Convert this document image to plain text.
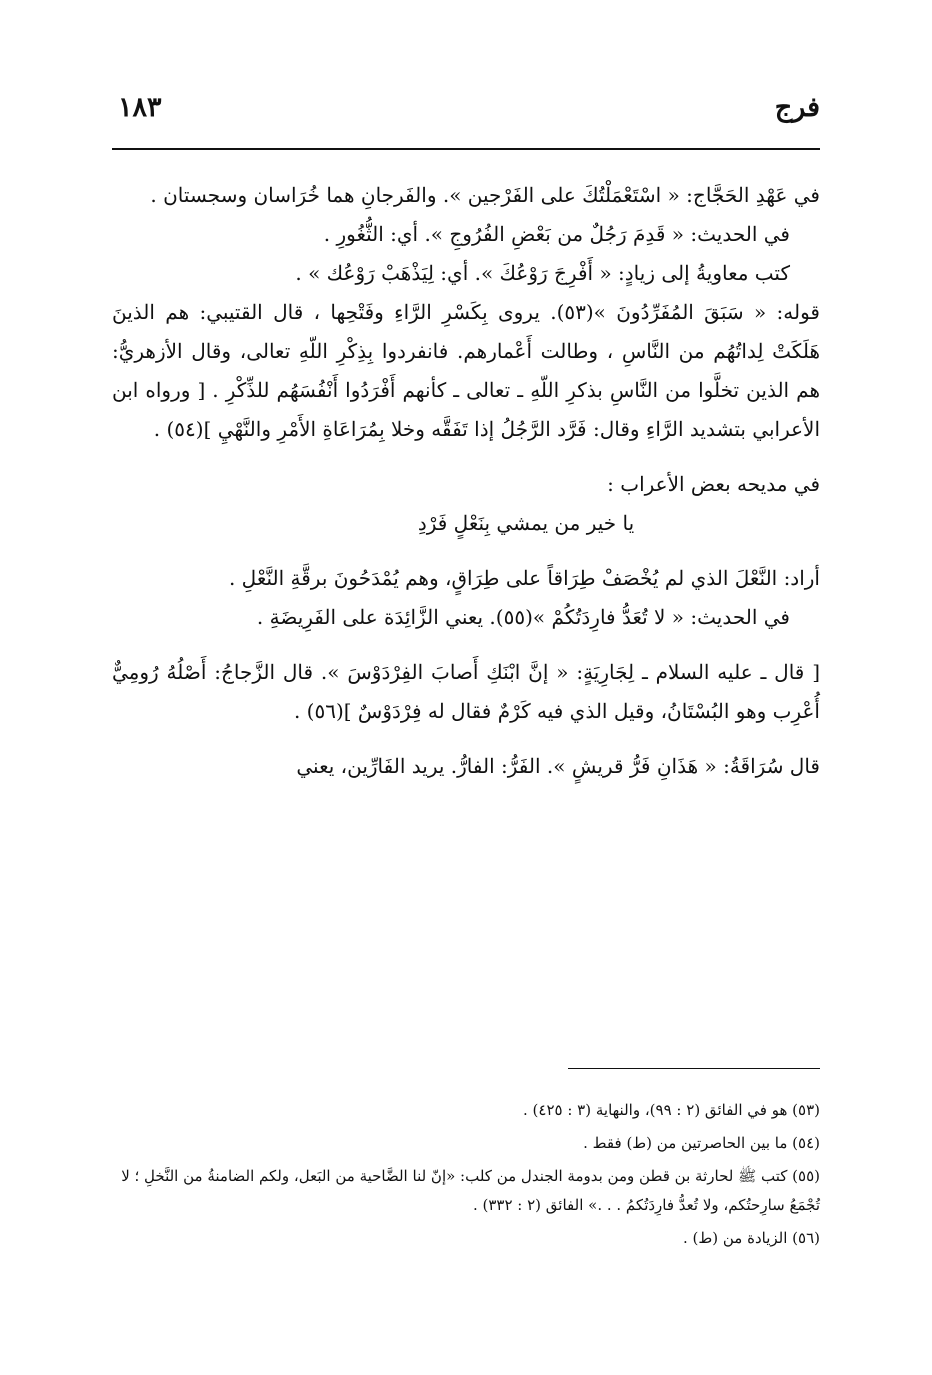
فرج
١٨٣

في عَهْدِ الحَجَّاج: « اسْتَعْمَلْتُكَ على الفَرْجين ». والفَرجانِ هما خُرَاسان وسجستان .

في الحديث: « قَدِمَ رَجُلٌ من بَعْضِ الفُرُوجِ ». أي: الثُّغُورِ .

كتب معاويةُ إلى زيادٍ: « أَفْرِجَ رَوْعُكَ ». أي: لِيَذْهَبْ رَوْعُك » .

قوله: « سَبَقَ المُفَرِّدُونَ »(٥٣). يروى بِكَسْرِ الرَّاءِ وفَتْحِها ، قال القتيبي: هم الذينَ هَلَكَتْ لِداتُهُم من النَّاسِ ، وطالت أَعْمارهم. فانفردوا بِذِكْرِ اللّهِ تعالى، وقال الأزهريُّ: هم الذين تخلَّوا من النَّاسِ بذكرِ اللّهِ ـ تعالى ـ كأنهم أَفْرَدُوا أَنْفُسَهُم للذِّكْرِ . [ ورواه ابن الأعرابي بتشديد الرَّاءِ وقال: فَرَّد الرَّجُلُ إذا تَفَقَّه وخلا بِمُرَاعَاةِ الأَمْرِ والنَّهْيِ ](٥٤) .

في مديحه بعض الأعراب :

يا خير من يمشي بِنَعْلٍ فَرْدِ

أراد: النَّعْلَ الذي لم يُخْصَفْ طِرَاقاً على طِرَاقٍ، وهم يُمْدَحُونَ برقَّةِ النَّعْلِ .

في الحديث: « لا تُعَدُّ فارِدَتُكُمْ »(٥٥). يعني الزَّائِدَة على الفَرِيضَةِ .

[ قال ـ عليه السلام ـ لِجَارِيَةٍ: « إنَّ ابْنَكِ أَصابَ الفِرْدَوْسَ ». قال الزَّجاجُ: أَصْلُهُ رُومِيٌّ أُعْرِب وهو البُسْتَانُ، وقيل الذي فيه كَرْمٌ فقال له فِرْدَوْسٌ ](٥٦) .

قال سُرَاقَةُ: « هَذَانِ فَرُّ قريشٍ ». الفَرُّ: الفارُّ. يريد الفَارِّين، يعني

(٥٣) هو في الفائق (٢ : ٩٩)، والنهاية (٣ : ٤٢٥) .

(٥٤) ما بين الحاصرتين من (ط) فقط .

(٥٥) كتب ﷺ لحارثة بن قطن ومن بدومة الجندل من كلب: «إنّ لنا الضَّاحية من البَعل، ولكم الضامنةُ من النَّخلِ ؛ لا تُجْمَعُ سارِحتُكم، ولا تُعدُّ فارِدَتُكمُ . . .» الفائق (٢ : ٣٣٢) .

(٥٦) الزيادة من (ط) .
